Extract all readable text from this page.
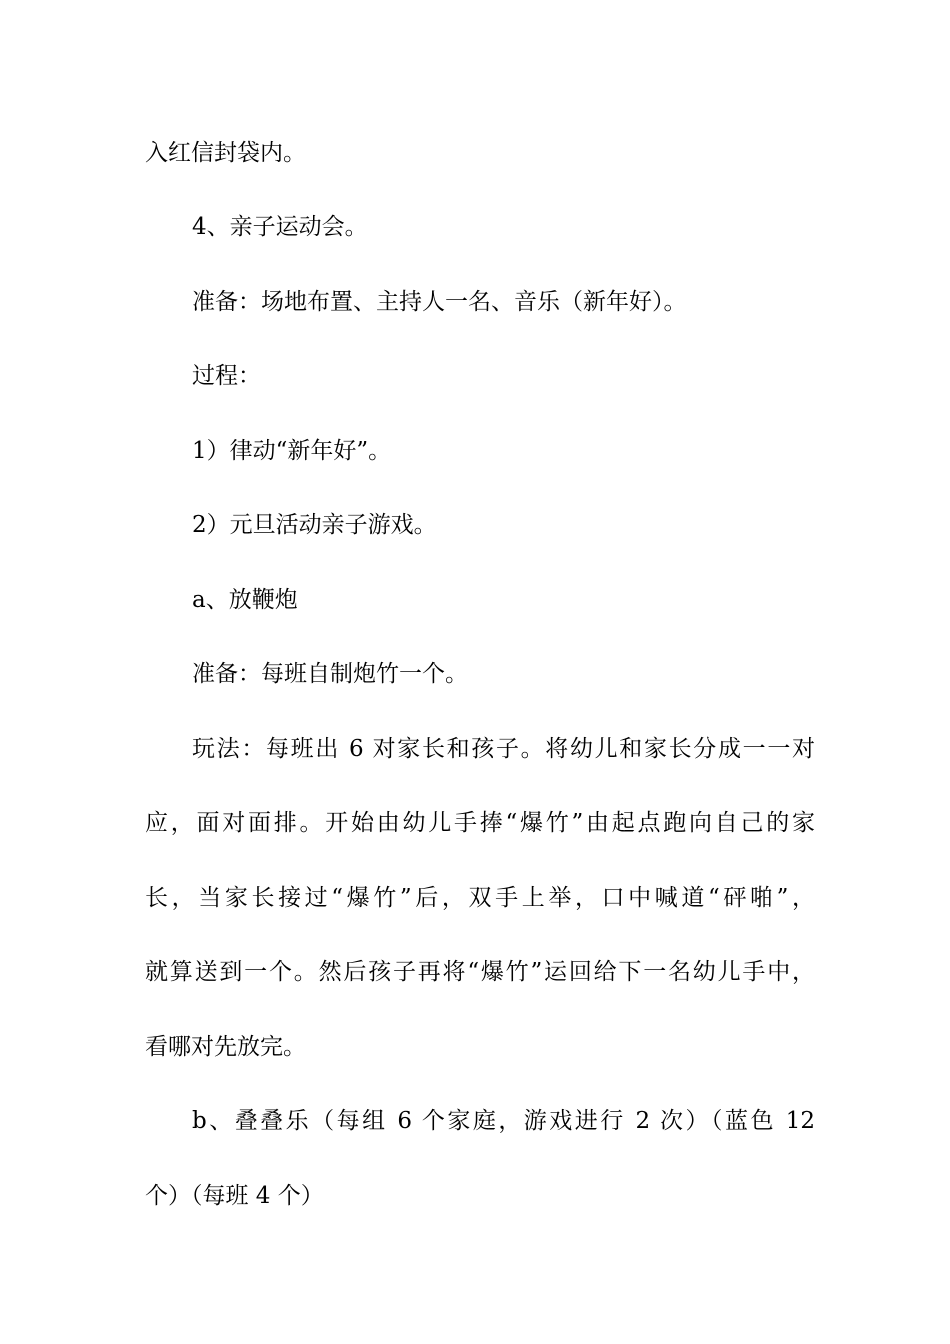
入红信封袋内。
4、亲子运动会。
准备：场地布置、主持人一名、音乐（新年好）。
过程：
1）律动“新年好”。
2）元旦活动亲子游戏。
a、放鞭炮
准备：每班自制炮竹一个。
玩法：每班出 6 对家长和孩子。将幼儿和家长分成一一对
应，面对面排。开始由幼儿手捧“爆竹”由起点跑向自己的家
长，当家长接过“爆竹”后，双手上举，口中喊道“砰啪”，
就算送到一个。然后孩子再将“爆竹”运回给下一名幼儿手中，
看哪对先放完。
b、叠叠乐（每组 6 个家庭，游戏进行 2 次）（蓝色 12
个）（每班 4 个）
